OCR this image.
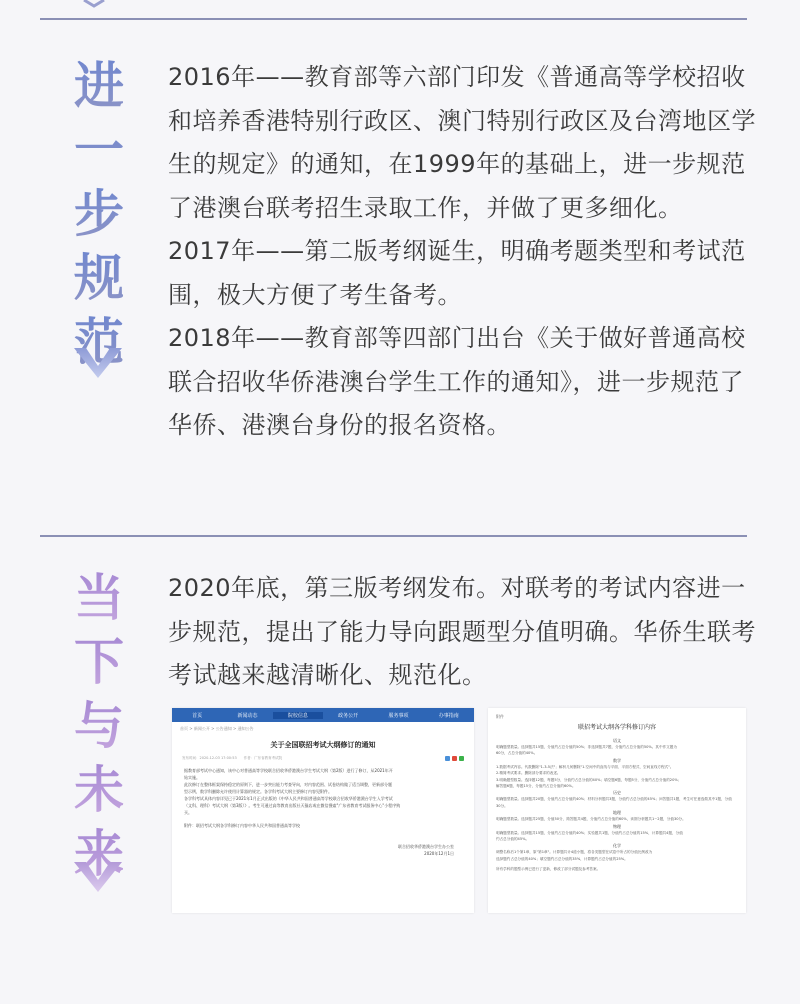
进
一
步
规
范

2016年——教育部等六部门印发《普通高等学校招收和培养香港特别行政区、澳门特别行政区及台湾地区学生的规定》的通知，在1999年的基础上，进一步规范了港澳台联考招生录取工作，并做了更多细化。

2017年——第二版考纲诞生，明确考题类型和考试范围，极大方便了考生备考。

2018年——教育部等四部门出台《关于做好普通高校联合招收华侨港澳台学生工作的通知》，进一步规范了华侨、港澳台身份的报名资格。

当
下
与
未
来

2020年底，第三版考纲发布。对联考的考试内容进一步规范，提出了能力导向跟题型分值明确。华侨生联考考试越来越清晰化、规范化。

首页	新闻动态	院校信息	政务公开	服务事项	办事指南
首页 > 新闻公开 > 公告通知 > 通知公告
关于全国联招考试大纲修订的通知
发布时间：2020-12-03 17:00:53　　作者：广东省教育考试院
据教育部考试中心通知，该中心对普通高等学校联合招收华侨港澳台学生考试大纲（第2版）进行了修订，从2021年开
始实施。
此次修订在整体框架保持稳定的原则下，进一步突出能力考查导向，对内容范围、试卷结构做了适当调整，更新部分题
型示例，数学科删除允许使用计算器的规定。各学科考试大纲主要修订内容见附件。
各学科考试具体内容详见已于2021年1月正式出版的《中华人民共和国普通高等学校联合招收华侨港澳台学生入学考试
（文科、理科）考试大纲（第3版）》。考生可通过高等教育出版社天猫店或在微信搜索"广东省教育考试服务中心"小程序购
买。
附件：联招考试大纲各学科修订内容中华人民共和国普通高等学校
联合招收华侨港澳台学生办公室
2020年12月1日
附件
联招考试大纲各学科修订内容
语文
明确题型数量。选择题共15题，分值约占总分值的50%；非选择题共7题，分值约占总分值的50%。其中作文题为
60分，占总分值的40%。
数学
1.数据考试内容。代数删除"1-3-5法"；解析几何删除"1.空间中的直线与平面、平面方程式、空间直线方程式"。
2.精简考试要求。删除部分要求的表述。
3.明确题型数量。选择题12题，每题5分，分值约占总分值的40%；填空题6题，每题5分，分值约占总分值的20%；
解答题6题，每题15分，分值约占总分值的60%。
历史
明确题型数量。选择题共20题，分值约占总分值的40%；材料分析题共3题，分值约占总分值的45%；问答题共1题，考生可任意选做其中1题，分值
30分。
地理
明确题型数量。选择题共25题，分值50分，简答题共4题，分值约占总分值的60%，读图分析题共1~2题，分值30分。
物理
明确题型数量。选择题共15题，分值约占总分值的40%；实验题共1题，分值约占总分值的15%，计算题共4题，分值
约占总分值的45%。
化学
调整名称后1个第1章，原"第1章"。计算题共计4道小题，将各类题型在试卷中所占的分值比例改为
选择题约占总分值的40%；填空题约占总分值的35%，计算题约占总分值的25%。
所有学科的题型示例已进行了更新，修改了部分试题及参考答案。
